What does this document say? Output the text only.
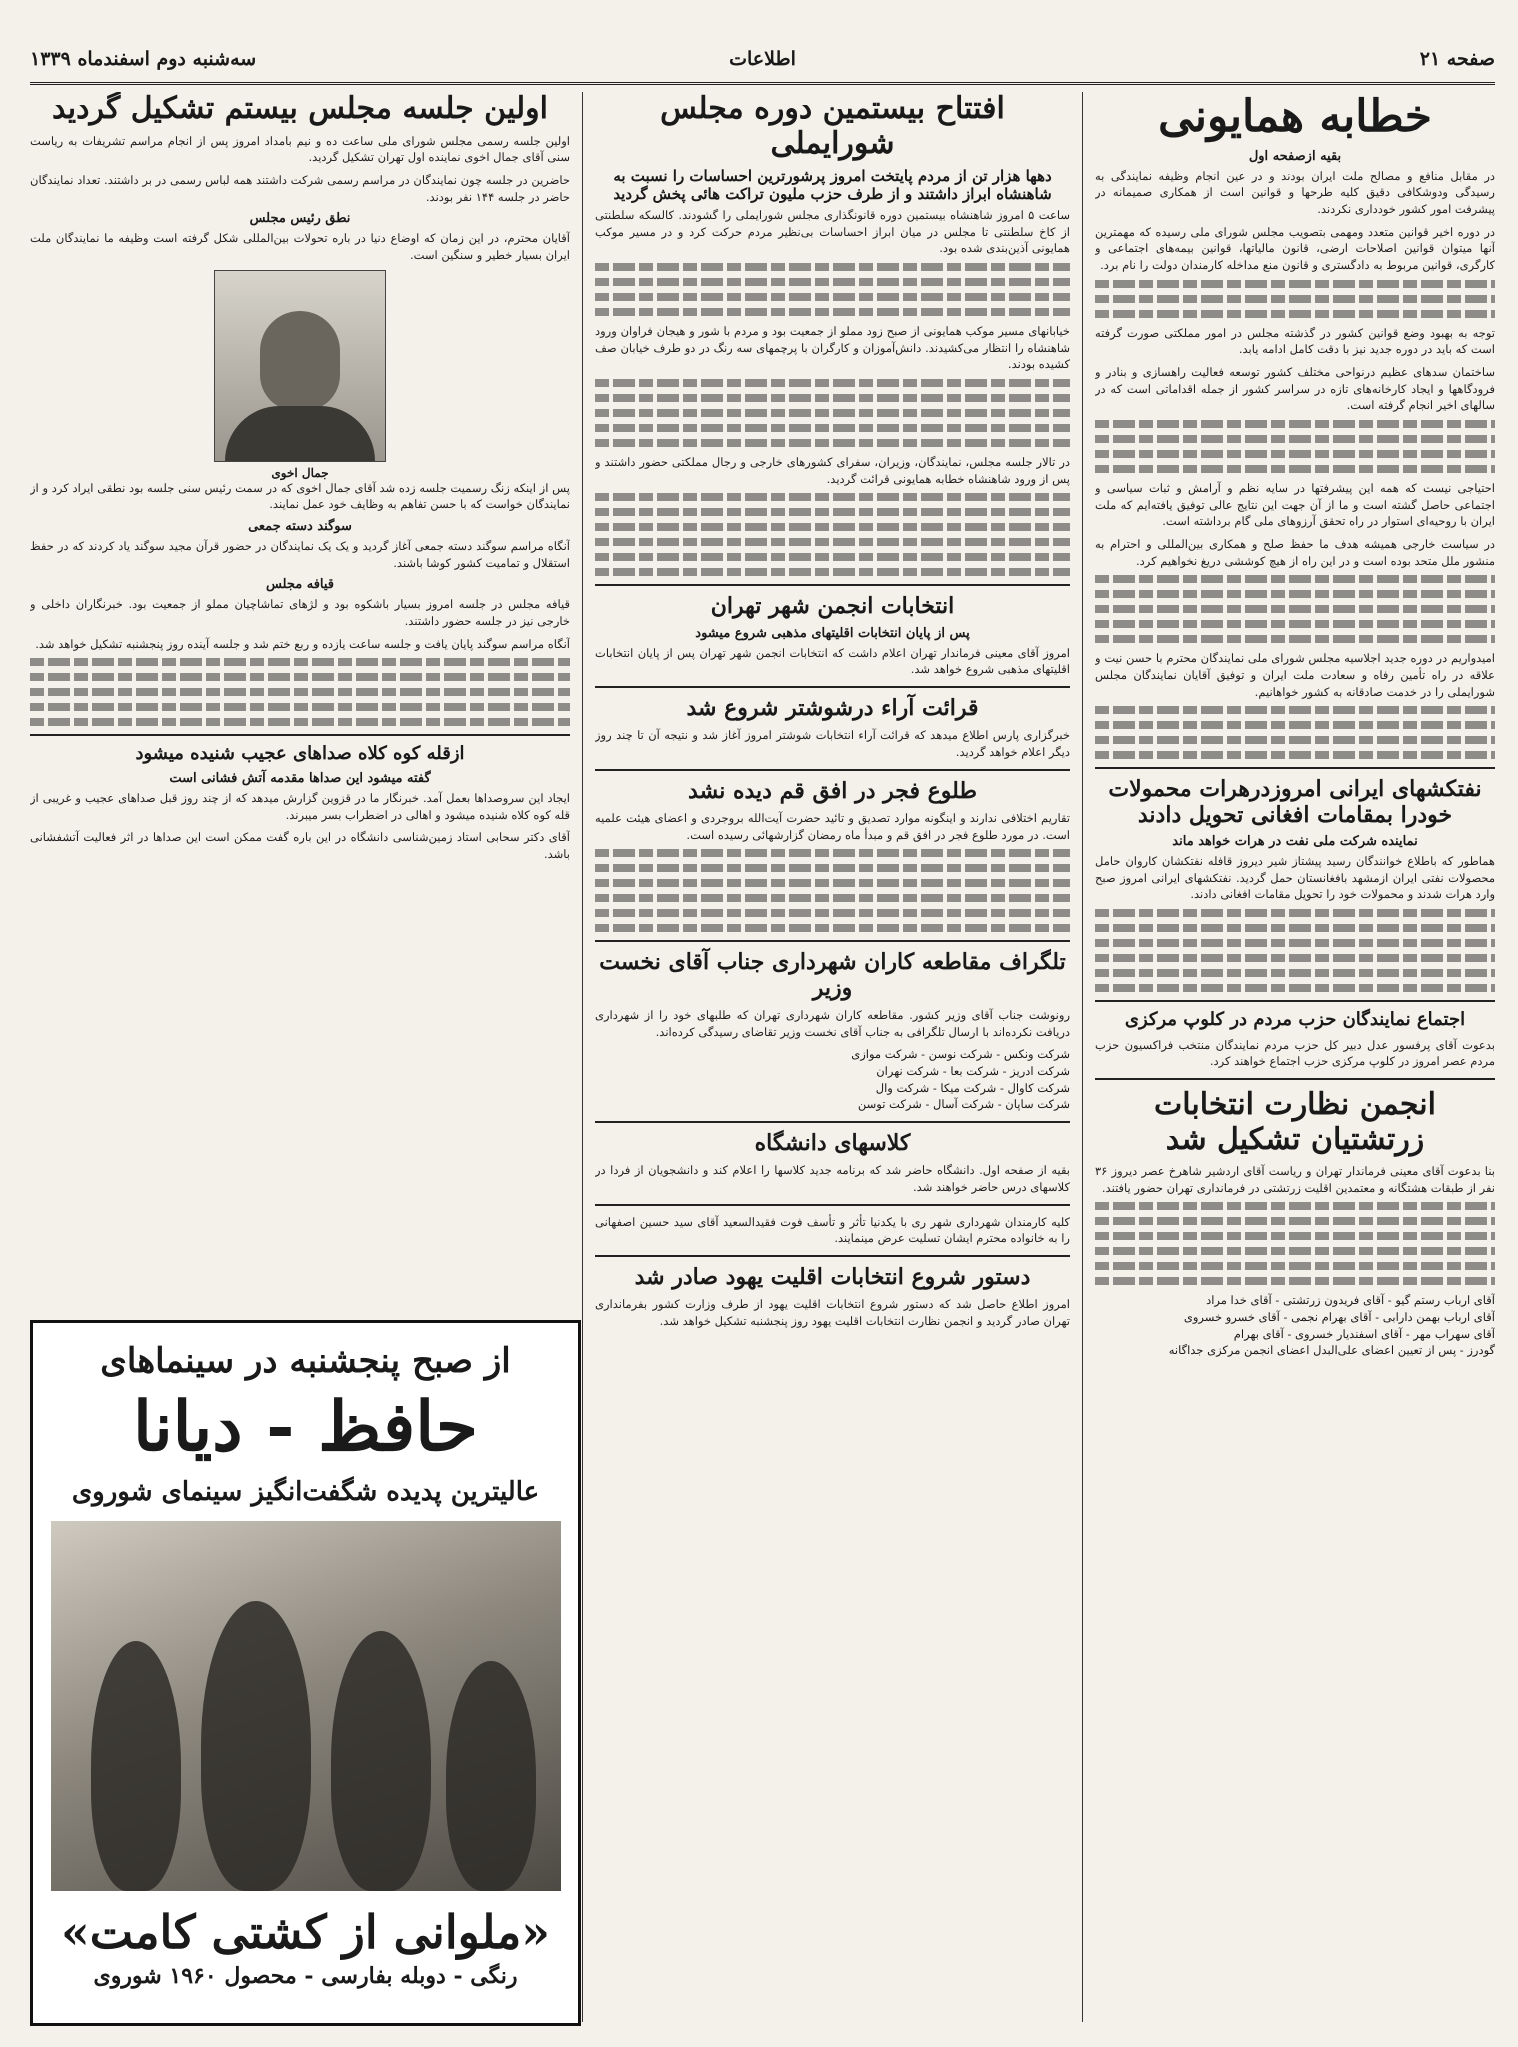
صفحه ۲۱
اطلاعات
سه‌شنبه دوم اسفندماه ۱۳۳۹
خطابه همایونی
بقیه ازصفحه اول

در مقابل منافع و مصالح ملت ایران بودند و در عین انجام وظیفه نمایندگی به رسیدگی ودوشکافی دقیق کلیه طرحها و قوانین است از همکاری صمیمانه در پیشرفت امور کشور خودداری نکردند.

در دوره اخیر قوانین متعدد ومهمی بتصویب مجلس شورای ملی رسیده که مهمترین آنها میتوان قوانین اصلاحات ارضی، قانون مالیاتها، قوانین بیمه‌های اجتماعی و کارگری، قوانین مربوط به دادگستری و قانون منع مداخله کارمندان دولت را نام برد.

توجه به بهبود وضع قوانین کشور در گذشته مجلس در امور مملکتی صورت گرفته است که باید در دوره جدید نیز با دقت کامل ادامه یابد.

ساختمان سدهای عظیم درنواحی مختلف کشور توسعه فعالیت راهسازی و بنادر و فرودگاهها و ایجاد کارخانه‌های تازه در سراسر کشور از جمله اقداماتی است که در سالهای اخیر انجام گرفته است.

احتیاجی نیست که همه این پیشرفتها در سایه نظم و آرامش و ثبات سیاسی و اجتماعی حاصل گشته است و ما از آن جهت این نتایج عالی توفیق یافته‌ایم که ملت ایران با روحیه‌ای استوار در راه تحقق آرزوهای ملی گام برداشته است.

در سیاست خارجی همیشه هدف ما حفظ صلح و همکاری بین‌المللی و احترام به منشور ملل متحد بوده است و در این راه از هیچ کوششی دریغ نخواهیم کرد.

امیدواریم در دوره جدید اجلاسیه مجلس شورای ملی نمایندگان محترم با حسن نیت و علاقه در راه تأمین رفاه و سعادت ملت ایران و توفیق آقایان نمایندگان مجلس شورایملی را در خدمت صادقانه به کشور خواهانیم.

نفتکشهای ایرانی امروزدرهرات محمولات خودرا بمقامات افغانی تحویل دادند
نماینده شرکت ملی نفت در هرات خواهد ماند

هماطور که باطلاع خوانندگان رسید پیشتاز شیر دیروز قافله نفتکشان کاروان حامل محصولات نفتی ایران ازمشهد بافغانستان حمل گردید. نفتکشهای ایرانی امروز صبح وارد هرات شدند و محمولات خود را تحویل مقامات افغانی دادند.

اجتماع نمایندگان حزب مردم در کلوپ مرکزی

بدعوت آقای پرفسور عدل دبیر کل حزب مردم نمایندگان منتخب فراکسیون حزب مردم عصر امروز در کلوپ مرکزی حزب اجتماع خواهند کرد.

انجمن نظارت انتخابات زرتشتیان تشکیل شد

بنا بدعوت آقای معینی فرماندار تهران و ریاست آقای اردشیر شاهرخ عصر دیروز ۳۶ نفر از طبقات هشتگانه و معتمدین اقلیت زرتشتی در فرمانداری تهران حضور یافتند.

آقای ارباب رستم گیو - آقای فریدون زرتشتی - آقای خدا مراد
آقای ارباب بهمن دارابی - آقای بهرام نجمی - آقای خسرو خسروی
آقای سهراب مهر - آقای اسفندیار خسروی - آقای بهرام
گودرز - پس از تعیین اعضای علی‌البدل اعضای انجمن مرکزی جداگانه
افتتاح بیستمین دوره مجلس شورایملی
دهها هزار تن از مردم پایتخت امروز پرشورترین احساسات را نسبت به شاهنشاه ابراز داشتند و از طرف حزب ملیون تراکت هائی پخش گردید

ساعت ۵ امروز شاهنشاه بیستمین دوره قانونگذاری مجلس شورایملی را گشودند. کالسکه سلطنتی از کاخ سلطنتی تا مجلس در میان ابراز احساسات بی‌نظیر مردم حرکت کرد و در مسیر موکب همایونی آذین‌بندی شده بود.

خیابانهای مسیر موکب همایونی از صبح زود مملو از جمعیت بود و مردم با شور و هیجان فراوان ورود شاهنشاه را انتظار می‌کشیدند. دانش‌آموزان و کارگران با پرچمهای سه رنگ در دو طرف خیابان صف کشیده بودند.

در تالار جلسه مجلس، نمایندگان، وزیران، سفرای کشورهای خارجی و رجال مملکتی حضور داشتند و پس از ورود شاهنشاه خطابه همایونی قرائت گردید.

انتخابات انجمن شهر تهران
پس از پایان انتخابات اقلیتهای مذهبی شروع میشود

امروز آقای معینی فرماندار تهران اعلام داشت که انتخابات انجمن شهر تهران پس از پایان انتخابات اقلیتهای مذهبی شروع خواهد شد.

قرائت آراء درشوشتر شروع شد

خبرگزاری پارس اطلاع میدهد که قرائت آراء انتخابات شوشتر امروز آغاز شد و نتیجه آن تا چند روز دیگر اعلام خواهد گردید.

طلوع فجر در افق قم دیده نشد

تقاریم اختلافی ندارند و اینگونه موارد تصدیق و تائید حضرت آیت‌الله بروجردی و اعضای هیئت علمیه است. در مورد طلوع فجر در افق قم و مبدأ ماه رمضان گزارشهائی رسیده است.

تلگراف مقاطعه کاران شهرداری جناب آقای نخست وزیر

رونوشت جناب آقای وزیر کشور. مقاطعه کاران شهرداری تهران که طلبهای خود را از شهرداری دریافت نکرده‌اند با ارسال تلگرافی به جناب آقای نخست وزیر تقاضای رسیدگی کرده‌اند.

شرکت ونکس - شرکت نوسن - شرکت موازی
شرکت ادریز - شرکت بعا - شرکت نهران
شرکت کاوال - شرکت میکا - شرکت وال
شرکت ساپان - شرکت آسال - شرکت توسن
کلاسهای دانشگاه

بقیه از صفحه اول. دانشگاه حاضر شد که برنامه جدید کلاسها را اعلام کند و دانشجویان از فردا در کلاسهای درس حاضر خواهند شد.

کلیه کارمندان شهرداری شهر ری با یکدنیا تأثر و تأسف فوت فقیدالسعید آقای سید حسین اصفهانی را به خانواده محترم ایشان تسلیت عرض مینمایند.

دستور شروع انتخابات اقلیت یهود صادر شد

امروز اطلاع حاصل شد که دستور شروع انتخابات اقلیت یهود از طرف وزارت کشور بفرمانداری تهران صادر گردید و انجمن نظارت انتخابات اقلیت یهود روز پنجشنبه تشکیل خواهد شد.

اولین جلسه مجلس بیستم تشکیل گردید

اولین جلسه رسمی مجلس شورای ملی ساعت ده و نیم بامداد امروز پس از انجام مراسم تشریفات به ریاست سنی آقای جمال اخوی نماینده اول تهران تشکیل گردید.

حاضرین در جلسه چون نمایندگان در مراسم رسمی شرکت داشتند همه لباس رسمی در بر داشتند. تعداد نمایندگان حاضر در جلسه ۱۴۴ نفر بودند.

نطق رئیس مجلس

آقایان محترم، در این زمان که اوضاع دنیا در باره تحولات بین‌المللی شکل گرفته است وظیفه ما نمایندگان ملت ایران بسیار خطیر و سنگین است.

جمال اخوی

پس از اینکه زنگ رسمیت جلسه زده شد آقای جمال اخوی که در سمت رئیس سنی جلسه بود نطقی ایراد کرد و از نمایندگان خواست که با حسن تفاهم به وظایف خود عمل نمایند.

سوگند دسته جمعی

آنگاه مراسم سوگند دسته جمعی آغاز گردید و یک یک نمایندگان در حضور قرآن مجید سوگند یاد کردند که در حفظ استقلال و تمامیت کشور کوشا باشند.

قیافه مجلس

قیافه مجلس در جلسه امروز بسیار باشکوه بود و لژهای تماشاچیان مملو از جمعیت بود. خبرنگاران داخلی و خارجی نیز در جلسه حضور داشتند.

آنگاه مراسم سوگند پایان یافت و جلسه ساعت یازده و ربع ختم شد و جلسه آینده روز پنجشنبه تشکیل خواهد شد.

ازقله کوه کلاه صداهای عجیب شنیده میشود
گفته میشود این صداها مقدمه آتش فشانی است

ایجاد این سروصداها بعمل آمد. خبرنگار ما در قزوین گزارش میدهد که از چند روز قبل صداهای عجیب و غریبی از قله کوه کلاه شنیده میشود و اهالی در اضطراب بسر میبرند.

آقای دکتر سحابی استاد زمین‌شناسی دانشگاه در این باره گفت ممکن است این صداها در اثر فعالیت آتشفشانی باشد.

از صبح پنجشنبه در سینماهای
حافظ - دیانا
عالیترین پدیده شگفت‌انگیز سینمای شوروی
«ملوانی از کشتی کامت»
رنگی - دوبله بفارسی - محصول ۱۹۶۰ شوروی
